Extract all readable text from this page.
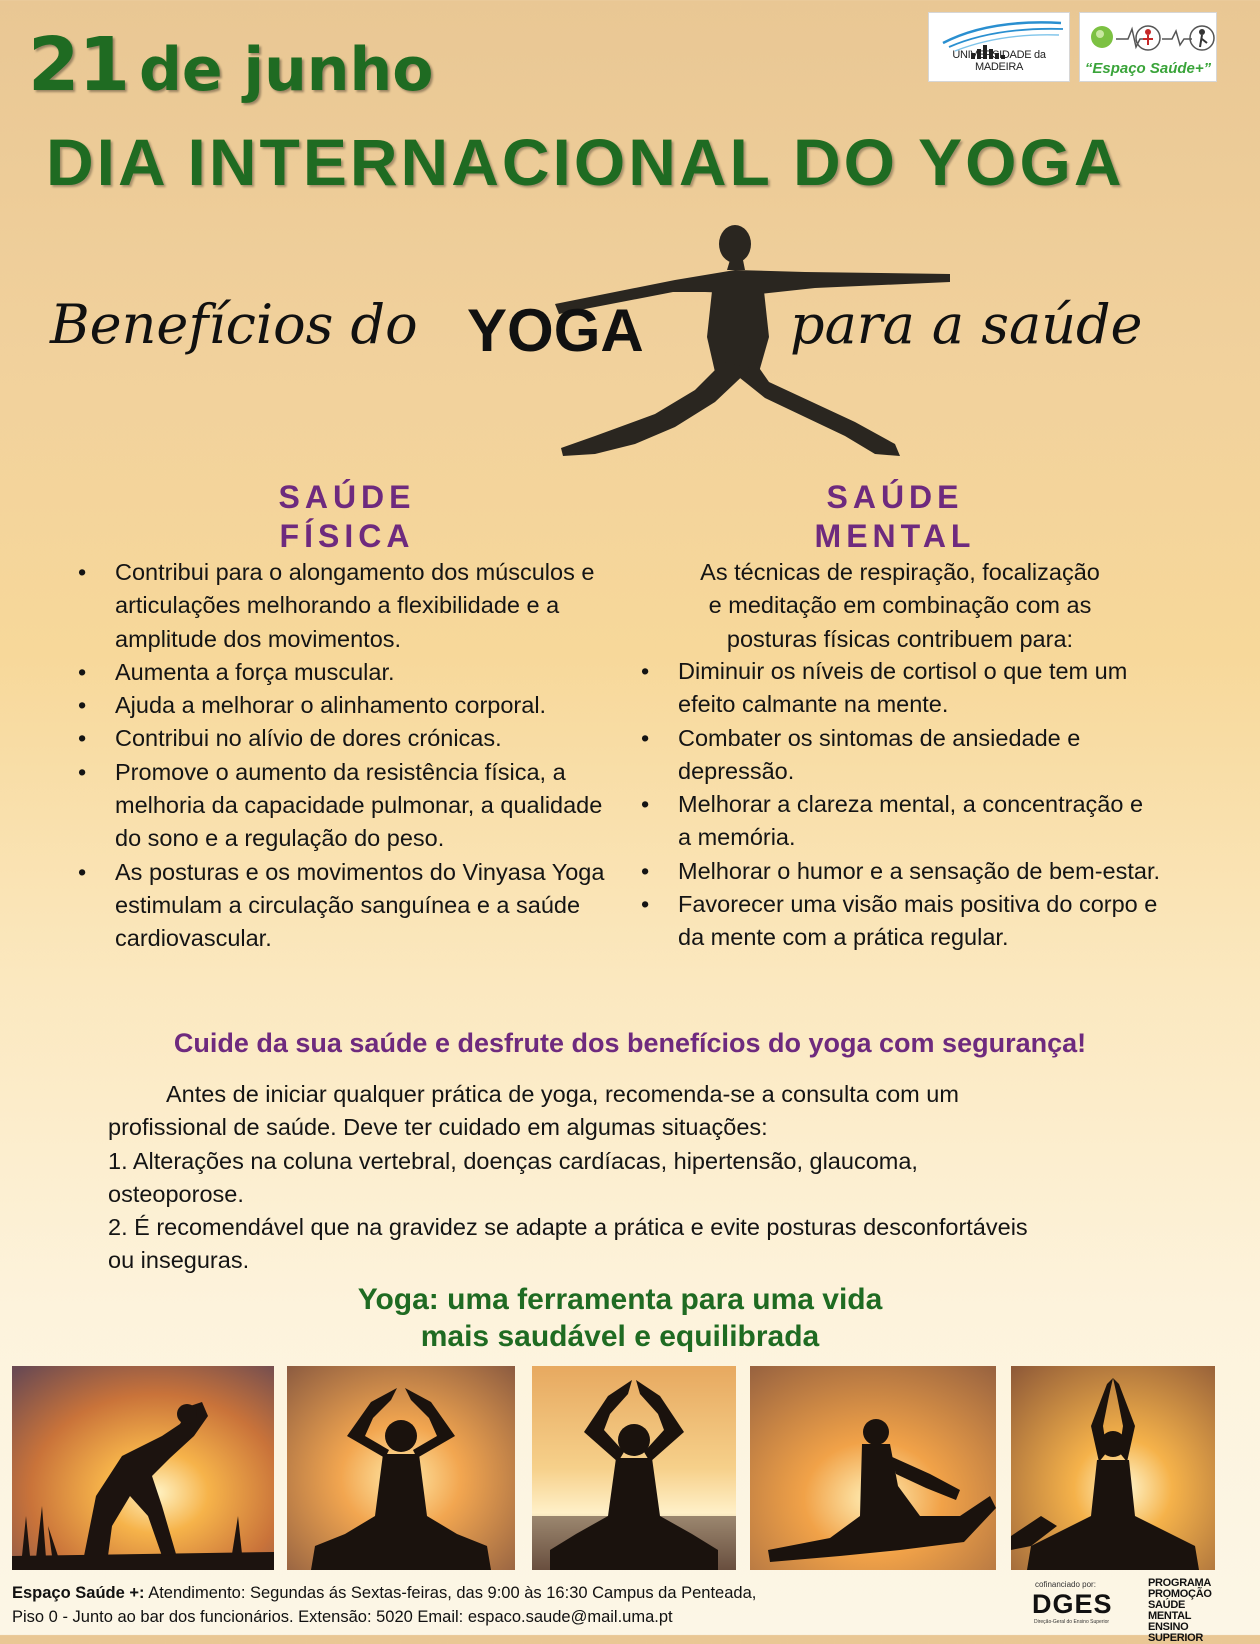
21 de junho
DIA INTERNACIONAL DO YOGA
UNIVERSIDADE da MADEIRA	“Espaço Saúde+”
Benefícios do YOGA	para a saúde
SAÚDE
FÍSICA
• Contribui para o alongamento dos músculos e articulações melhorando a flexibilidade e a amplitude dos movimentos.
• Aumenta a força muscular.
• Ajuda a melhorar o alinhamento corporal.
• Contribui no alívio de dores crónicas.
• Promove o aumento da resistência física, a melhoria da capacidade pulmonar, a qualidade do sono e a regulação do peso.
• As posturas e os movimentos do Vinyasa Yoga estimulam a circulação sanguínea e a saúde cardiovascular.
SAÚDE
MENTAL
As técnicas de respiração, focalização
e meditação em combinação com as
posturas físicas contribuem para:
• Diminuir os níveis de cortisol o que tem um efeito calmante na mente.
• Combater os sintomas de ansiedade e depressão.
• Melhorar a clareza mental, a concentração e a memória.
• Melhorar o humor e a sensação de bem-estar.
• Favorecer uma visão mais positiva do corpo e da mente com a prática regular.
Cuide da sua saúde e desfrute dos benefícios do yoga com segurança!
Antes de iniciar qualquer prática de yoga, recomenda-se a consulta com um
profissional de saúde. Deve ter cuidado em algumas situações:
1. Alterações na coluna vertebral, doenças cardíacas, hipertensão, glaucoma,
osteoporose.
2. É recomendável que na gravidez se adapte a prática e evite posturas desconfortáveis
ou inseguras.
Yoga: uma ferramenta para uma vida
mais saudável e equilibrada
Espaço Saúde +: Atendimento: Segundas ás Sextas-feiras, das 9:00 às 16:30 Campus da Penteada,
Piso 0 - Junto ao bar dos funcionários. Extensão: 5020 Email: espaco.saude@mail.uma.pt
cofinanciado por:
DGES
Direção-Geral do Ensino Superior
PROGRAMA
PROMOÇÃO
SAÚDE MENTAL
ENSINO SUPERIOR
